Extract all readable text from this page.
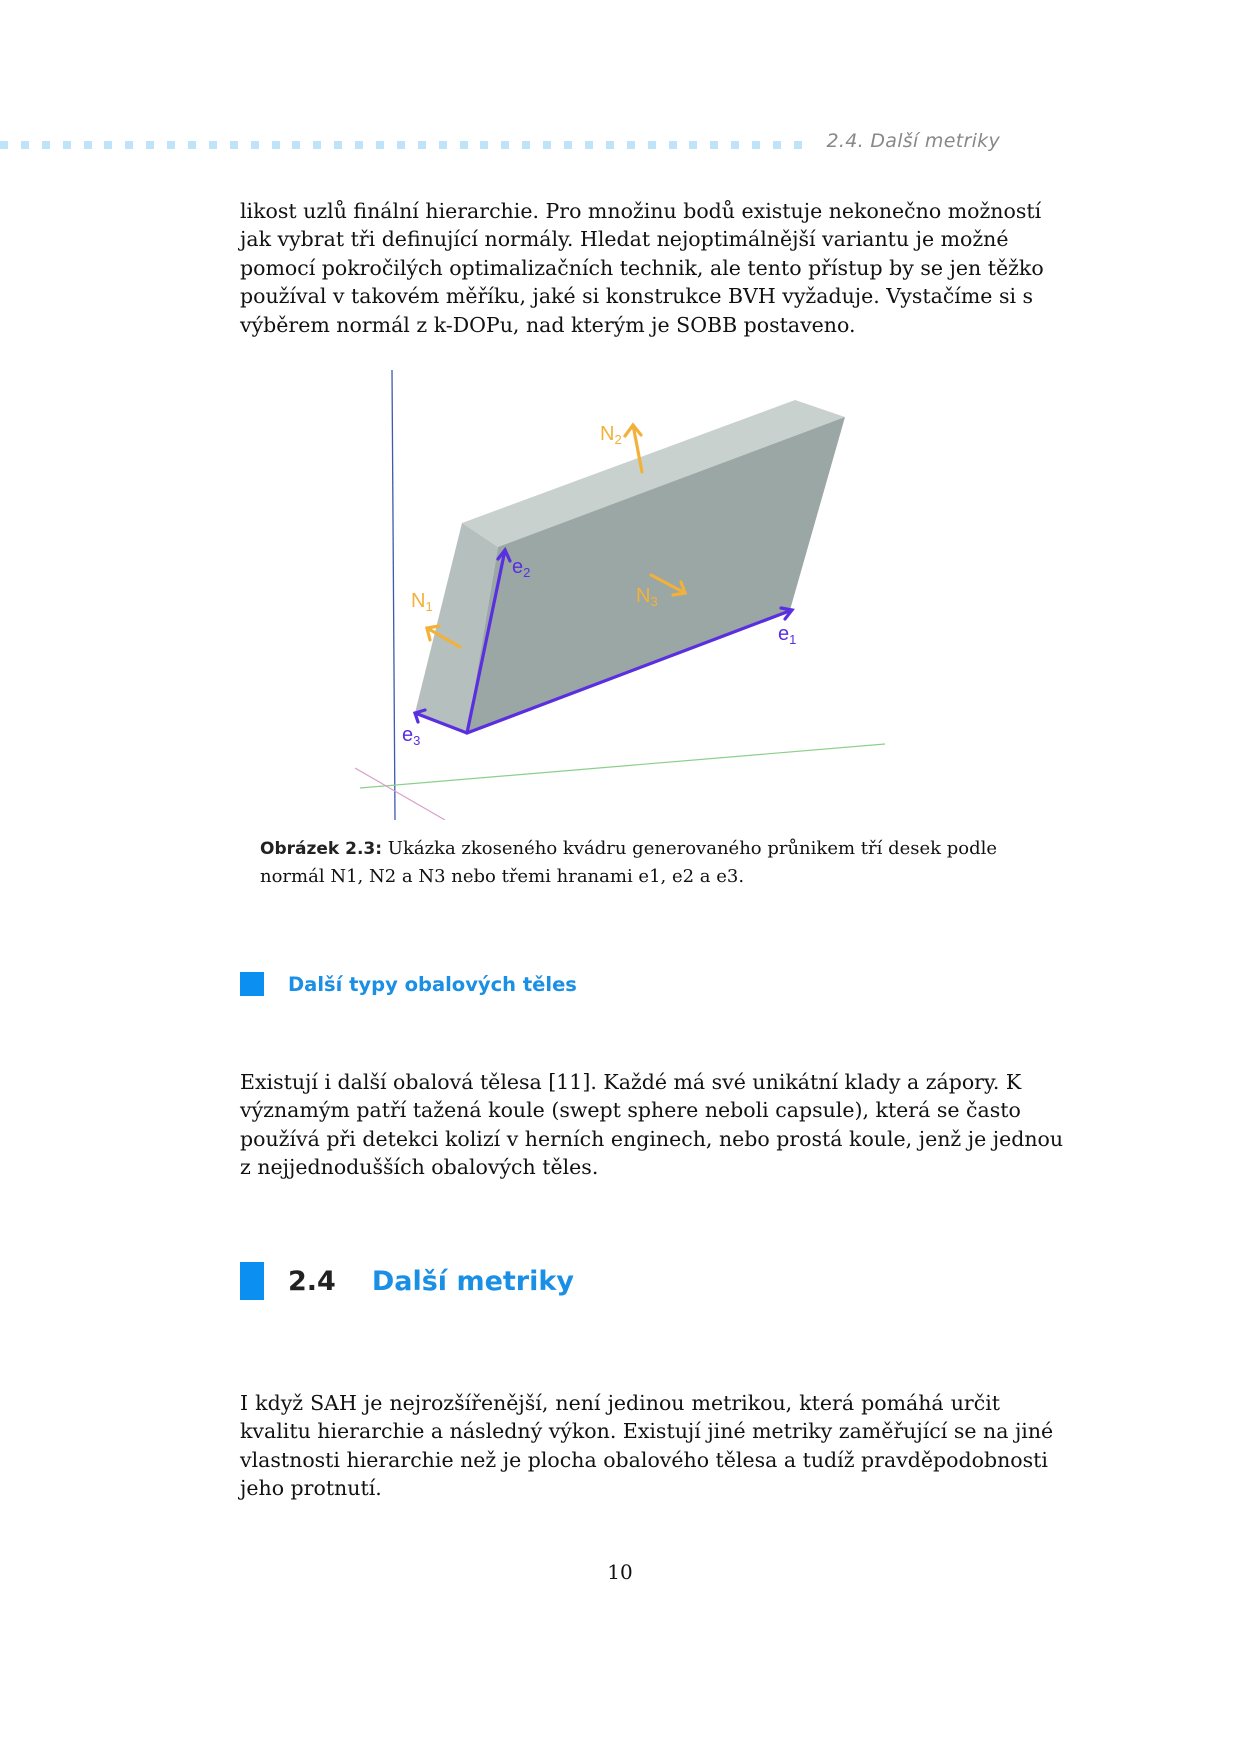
2.4. Další metriky
likost uzlů finální hierarchie. Pro množinu bodů existuje nekonečno možností
jak vybrat tři definující normály. Hledat nejoptimálnější variantu je možné
pomocí pokročilých optimalizačních technik, ale tento přístup by se jen těžko
používal v takovém měříku, jaké si konstrukce BVH vyžaduje. Vystačíme si s
výběrem normál z k-DOPu, nad kterým je SOBB postaveno.
$N_2$
$N_1$	$N_3$
$e_2$
$e_1$
$e_3$
Obrázek 2.3: Ukázka zkoseného kvádru generovaného průnikem tří desek podle
normál N1, N2 a N3 nebo třemi hranami e1, e2 a e3.
Další typy obalových těles
Existují i další obalová tělesa [11]. Každé má své unikátní klady a zápory. K
významým patří tažená koule (swept sphere neboli capsule), která se často
používá při detekci kolizí v herních enginech, nebo prostá koule, jenž je jednou
z nejjednodušších obalových těles.
2.4 Další metriky
I když SAH je nejrozšířenější, není jedinou metrikou, která pomáhá určit
kvalitu hierarchie a následný výkon. Existují jiné metriky zaměřující se na jiné
vlastnosti hierarchie než je plocha obalového tělesa a tudíž pravděpodobnosti
jeho protnutí.
10
